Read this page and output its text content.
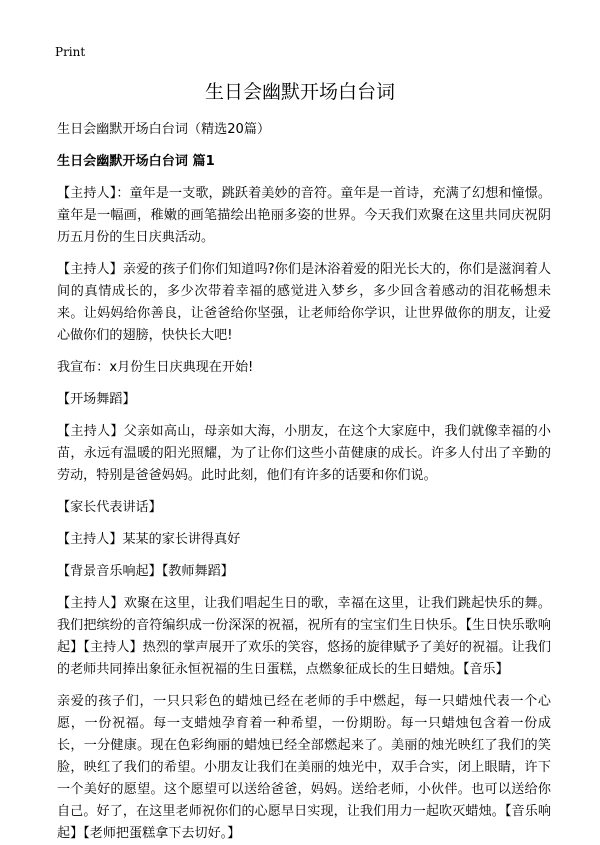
Print
生日会幽默开场白台词

生日会幽默开场白台词（精选20篇）

生日会幽默开场白台词 篇1

【主持人】：童年是一支歌，跳跃着美妙的音符。童年是一首诗，充满了幻想和憧憬。童年是一幅画，稚嫩的画笔描绘出艳丽多姿的世界。今天我们欢聚在这里共同庆祝阴历五月份的生日庆典活动。

【主持人】亲爱的孩子们你们知道吗?你们是沐浴着爱的阳光长大的，你们是滋润着人间的真情成长的，多少次带着幸福的感觉进入梦乡，多少回含着感动的泪花畅想未来。让妈妈给你善良，让爸爸给你坚强，让老师给你学识，让世界做你的朋友，让爱心做你们的翅膀，快快长大吧!

我宣布：x月份生日庆典现在开始!

【开场舞蹈】

【主持人】父亲如高山，母亲如大海，小朋友，在这个大家庭中，我们就像幸福的小苗，永远有温暖的阳光照耀，为了让你们这些小苗健康的成长。许多人付出了辛勤的劳动，特别是爸爸妈妈。此时此刻，他们有许多的话要和你们说。

【家长代表讲话】

【主持人】某某的家长讲得真好

【背景音乐响起】【教师舞蹈】

【主持人】欢聚在这里，让我们唱起生日的歌，幸福在这里，让我们跳起快乐的舞。我们把缤纷的音符编织成一份深深的祝福，祝所有的宝宝们生日快乐。【生日快乐歌响起】【主持人】热烈的掌声展开了欢乐的笑容，悠扬的旋律赋予了美好的祝福。让我们的老师共同捧出象征永恒祝福的生日蛋糕，点燃象征成长的生日蜡烛。【音乐】

亲爱的孩子们，一只只彩色的蜡烛已经在老师的手中燃起，每一只蜡烛代表一个心愿，一份祝福。每一支蜡烛孕育着一种希望，一份期盼。每一只蜡烛包含着一份成长，一分健康。现在色彩绚丽的蜡烛已经全部燃起来了。美丽的烛光映红了我们的笑脸，映红了我们的希望。小朋友让我们在美丽的烛光中，双手合实，闭上眼睛，许下一个美好的愿望。这个愿望可以送给爸爸，妈妈。送给老师，小伙伴。也可以送给你自己。好了，在这里老师祝你们的心愿早日实现，让我们用力一起吹灭蜡烛。【音乐响起】【老师把蛋糕拿下去切好。】
